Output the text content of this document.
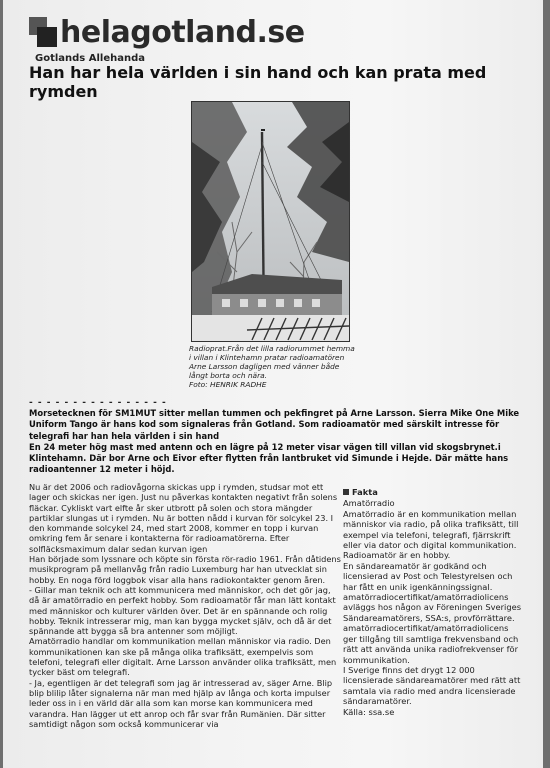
helagotland.se
Gotlands Allehanda
Han har hela världen i sin hand och kan prata med rymden
Radioprat.Från det lilla radiorummet hemma i villan i Klintehamn pratar radioamatören Arne Larsson dagligen med vänner både långt borta och nära.
Foto: HENRIK RADHE
- - - - - - - - - - - - - - - -

Morsetecknen för SM1MUT sitter mellan tummen och pekfingret på Arne Larsson. Sierra Mike One Mike Uniform Tango är hans kod som signaleras från Gotland. Som radioamatör med särskilt intresse för telegrafi har han hela världen i sin hand

En 24 meter hög mast med antenn och en lägre på 12 meter visar vägen till villan vid skogsbrynet.i Klintehamn. Där bor Arne och Eivor efter flytten från lantbruket vid Simunde i Hejde. Där mätte hans radioantenner 12 meter i höjd.

Nu är det 2006 och radiovågorna skickas upp i rymden, studsar mot ett lager och skickas ner igen. Just nu påverkas kontakten negativt från solens fläckar. Cykliskt vart elfte år sker utbrott på solen och stora mängder partiklar slungas ut i rymden. Nu är botten nådd i kurvan för solcykel 23. I den kommande solcykel 24, med start 2008, kommer en topp i kurvan omkring fem år senare i kontakterna för radioamatörerna. Efter solfläcksmaximum dalar sedan kurvan igen

Han började som lyssnare och köpte sin första rör-radio 1961. Från dåtidens musikprogram på mellanvåg från radio Luxemburg har han utvecklat sin hobby. En noga förd loggbok visar alla hans radiokontakter genom åren.

- Gillar man teknik och att kommunicera med människor, och det gör jag, då är amatörradio en perfekt hobby. Som radioamatör får man lätt kontakt med människor och kulturer världen över. Det är en spännande och rolig hobby. Teknik intresserar mig, man kan bygga mycket själv, och då är det spännande att bygga så bra antenner som möjligt.

Amatörradio handlar om kommunikation mellan människor via radio. Den kommunikationen kan ske på många olika trafiksätt, exempelvis som telefoni, telegrafi eller digitalt. Arne Larsson använder olika trafiksätt, men tycker bäst om telegrafi.

- Ja, egentligen är det telegrafi som jag är intresserad av, säger Arne. Blip blip blilip låter signalerna när man med hjälp av långa och korta impulser leder oss in i en värld där alla som kan morse kan kommunicera med varandra. Han lägger ut ett anrop och får svar från Rumänien. Där sitter samtidigt någon som också kommunicerar via

Fakta

Amatörradio

Amatörradio är en kommunikation mellan människor via radio, på olika trafiksätt, till exempel via telefoni, telegrafi, fjärrskrift eller via dator och digital kommunikation.

Radioamatör är en hobby.

En sändareamatör är godkänd och licensierad av Post och Telestyrelsen och har fått en unik igenkänningssignal.

amatörradiocertifikat/amatörradiolicens avläggs hos någon av Föreningen Sveriges Sändareamatörers, SSA:s, provförrättare.

amatörradiocertifikat/amatörradiolicens ger tillgång till samtliga frekvensband och rätt att använda unika radiofrekvenser för kommunikation.

I Sverige finns det drygt 12 000 licensierade sändareamatörer med rätt att samtala via radio med andra licensierade sändaramatörer.

Källa: ssa.se
